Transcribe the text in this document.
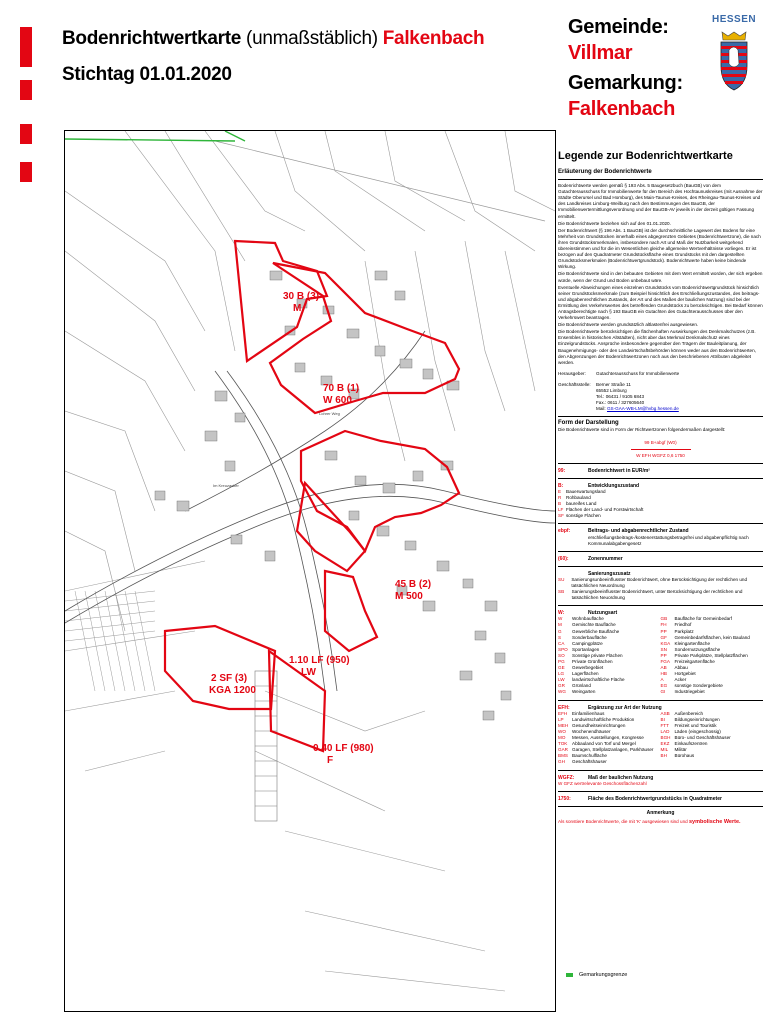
Bodenrichtwertkarte (unmaßstäblich) Falkenbach
Stichtag 01.01.2020
Gemeinde:
Villmar
Gemarkung:
Falkenbach
HESSEN
30 B (3)
M
70 B (1)
W 600
45 B (2)
M 500
1.10 LF (950)
LW
2 SF (3)
KGA 1200
0.40 LF (980)
F
Lohrer Weg
Im Kreuzacker
Legende zur Bodenrichtwertkarte
Erläuterung der Bodenrichtwerte
Bodenrichtwerte werden gemäß § 193 Abs. 5 Baugesetzbuch (BauGB) von dem Gutachterausschuss für Immobilienwerte für den Bereich des Hochtaunuskreises (mit Ausnahme der Städte Oberursel und Bad Homburg), des Main-Taunus-Kreises, des Rheingau-Taunus-Kreises und des Landkreises Limburg-Weilburg nach den Bestimmungen des BauGB, der Immobilienwertermittlungsverordnung und der BauGB-AV jeweils in der derzeit gültigen Fassung ermittelt.
Die Bodenrichtwerte beziehen sich auf den 01.01.2020.
Der Bodenrichtwert (§ 196 Abs. 1 BauGB) ist der durchschnittliche Lagewert des Bodens für eine Mehrheit von Grundstücken innerhalb eines abgegrenzten Gebietes (Bodenrichtwertzone), die nach ihren Grundstücksmerkmalen, insbesondere nach Art und Maß der Nutzbarkeit weitgehend übereinstimmen und für die im Wesentlichen gleiche allgemeine Wertverhältnisse vorliegen. Er ist bezogen auf den Quadratmeter Grundstücksfläche eines Grundstücks mit den dargestellten Grundstücksmerkmalen (Bodenrichtwertgrundstück). Bodenrichtwerte haben keine bindende Wirkung.
Die Bodenrichtwerte sind in den bebauten Gebieten mit dem Wert ermittelt worden, der sich ergeben würde, wenn der Grund und Boden unbebaut wäre.
Eventuelle Abweichungen eines einzelnen Grundstücks vom Bodenrichtwertgrundstück hinsichtlich seiner Grundstücksmerkmale (zum Beispiel hinsichtlich des Erschließungszustandes, des beitrags- und abgabenrechtlichen Zustands, der Art und des Maßes der baulichen Nutzung) sind bei der Ermittlung des Verkehrswertes des betreffenden Grundstücks zu berücksichtigen. Bei Bedarf können Antragsberechtigte nach § 193 BauGB ein Gutachten des Gutachterausschusses über den Verkehrswert beantragen.
Die Bodenrichtwerte werden grundsätzlich altlastenfrei ausgewiesen.
Die Bodenrichtwerte berücksichtigen die flächenhaften Auswirkungen des Denkmalschutzes (z.B. Ensembles in historischen Altstädten), nicht aber das Merkmal Denkmalschutz eines Einzelgrundstücks. Ansprüche insbesondere gegenüber den Trägern der Bauleitplanung, der Baugenehmigungs- oder den Landwirtschaftsbehörden können weder aus den Bodenrichtwerten, den Abgrenzungen der Bodenrichtwertzonen noch aus den beschriebenen Attributen abgeleitet werden.
Herausgeber:	Gutachterausschuss für Immobilienwerte
Geschäftsstelle:	Berner Straße 11
65552 Limburg
Tel.: 06431 / 9105 6843
Fax.: 0611 / 327605640
Mail: GS-GAA-WB-LM@hvbg.hessen.de
Form der Darstellung
Die Bodenrichtwerte sind in Form der Richtwertzonen folgendermaßen dargestellt:
99 B+abgf (W0)
W EFH WGFZ 0,6 1750
99:	Bodenrichtwert in EUR/m²
B:	Entwicklungszustand
E	Bauerwartungsland
R	Rohbauland
B	baureifes Land
LF Flächen der Land- und Forstwirtschaft
SF sonstige Flächen
ebpf:	Beitrags- und abgabenrechtlicher Zustand
erschließungsbeitrags-/kostenerstattungsbetragsfrei und abgabenpflichtig nach Kommunalabgabengesetz
(60):	Zonennummer
Sanierungszusatz
SU	Sanierungsunbeeinflusster Bodenrichtwert, ohne Berücksichtigung der rechtlichen und tatsächlichen Neuordnung
SB	Sanierungsbeeinflusster Bodenrichtwert, unter Berücksichtigung der rechtlichen und tatsächlichen Neuordnung
W:	Nutzungsart
W	Wohnbaufläche
M	Gemischte Baufläche
G	Gewerbliche Baufläche
S	Sonderbaufläche
CA	Campingplätze
SPO Sportanlagen
SO	Sonstige private Flächen
PG	Private Grünflächen
GE	Gewerbegebiet
LG	Lagerflächen
LW	landwirtschaftliche Fläche
GR	Grünland
WG	Weingarten
GB	Baufläche für Gemeinbedarf
FH	Friedhof
PP	Parkplatz
GF	Gemeinbedarfsflächen, kein Bauland
KGA Kleingartenfläche
SN	Sondernutzungsfläche
PP	Private Parkplätze, Stellplatzflächen
FGA Freizeitgartenfläche
AB	Abbau
HB	Hortgebiet
A	Acker
EG	sonstige Sondergebiete
GI	Industriegebiet
EFH:	Ergänzung zur Art der Nutzung
EFH	Einfamilienhaus
LP	Landwirtschaftliche Produktion
MEH Gesundheitseinrichtungen
WO	Wochenendhäuser
MO	Messen, Ausstellungen, Kongresse
TOK	Abbauland von Torf und Mergel
GAR Garagen, Stellplatzanlagen, Parkhäuser
BMS Baumschulfläche
GH	Geschäftshäuser
ASB	Außenbereich
BI	Bildungseinrichtungen
FTT	Freizeit und Touristik
LAD	Läden (eingeschossig)
BGH Büro- und Geschäftshäuser
EKZ	Einkaufszentren
MIL	Militär
BH	Bürohaus
WGFZ:	Maß der baulichen Nutzung
W GFZ wertrelevante Geschossflächenzahl
1750:	Fläche des Bodenrichtwertgrundstücks in Quadratmeter
Anmerkung
Als sonstiere Bodenrichtwerte, die mit 'K' ausgewiesen sind und symbolische Werte.
Gemarkungsgrenze
